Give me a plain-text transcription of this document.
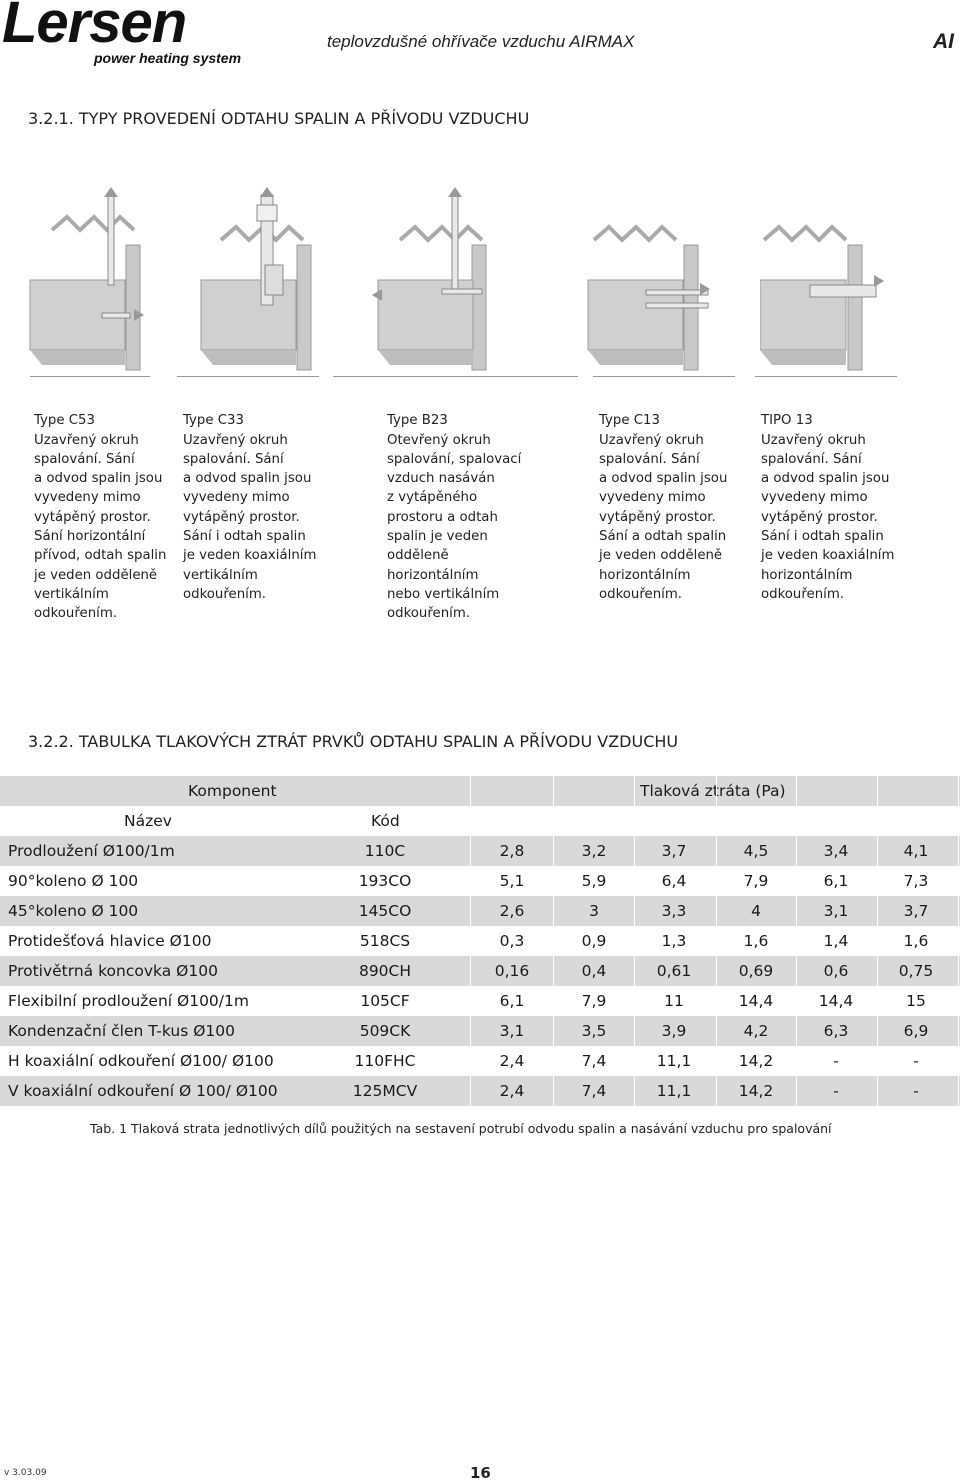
Lersen
power heating system
teplovzdušné ohřívače vzduchu AIRMAX	AI
3.2.1. TYPY PROVEDENÍ ODTAHU SPALIN A PŘÍVODU VZDUCHU

Type C53
Uzavřený okruh
spalování. Sání
a odvod spalin jsou
vyvedeny mimo
vytápěný prostor.
Sání horizontální
přívod, odtah spalin
je veden odděleně
vertikálním
odkouřením.

Type C33
Uzavřený okruh
spalování. Sání
a odvod spalin jsou
vyvedeny mimo
vytápěný prostor.
Sání i odtah spalin
je veden koaxiálním
vertikálním
odkouřením.

Type B23
Otevřený okruh
spalování, spalovací
vzduch nasáván
z vytápěného
prostoru a odtah
spalin je veden
odděleně
horizontálním
nebo vertikálním
odkouřením.

Type C13
Uzavřený okruh
spalování. Sání
a odvod spalin jsou
vyvedeny mimo
vytápěný prostor.
Sání a odtah spalin
je veden odděleně
horizontálním
odkouřením.

TIPO 13
Uzavřený okruh
spalování. Sání
a odvod spalin jsou
vyvedeny mimo
vytápěný prostor.
Sání i odtah spalin
je veden koaxiálním
horizontálním
odkouřením.

3.2.2. TABULKA TLAKOVÝCH ZTRÁT PRVKŮ ODTAHU SPALIN A PŘÍVODU VZDUCHU
Komponent	Tlaková ztráta (Pa)
Název	Kód
Prodloužení Ø100/1m	110C	2,8	3,2	3,7	4,5	3,4	4,1
90°koleno Ø 100	193CO	5,1	5,9	6,4	7,9	6,1	7,3
45°koleno Ø 100	145CO	2,6	3	3,3	4	3,1	3,7
Protidešťová hlavice Ø100	518CS	0,3	0,9	1,3	1,6	1,4	1,6
Protivětrná koncovka Ø100	890CH	0,16	0,4	0,61	0,69	0,6	0,75
Flexibilní prodloužení Ø100/1m	105CF	6,1	7,9	11	14,4	14,4	15
Kondenzační člen T-kus Ø100	509CK	3,1	3,5	3,9	4,2	6,3	6,9
H koaxiální odkouření Ø100/ Ø100	110FHC	2,4	7,4	11,1	14,2	-	-
V koaxiální odkouření Ø 100/ Ø100	125MCV	2,4	7,4	11,1	14,2	-	-
Tab. 1 Tlaková strata jednotlivých dílů použitých na sestavení potrubí odvodu spalin a nasávání vzduchu pro spalování
v 3.03.09	16
